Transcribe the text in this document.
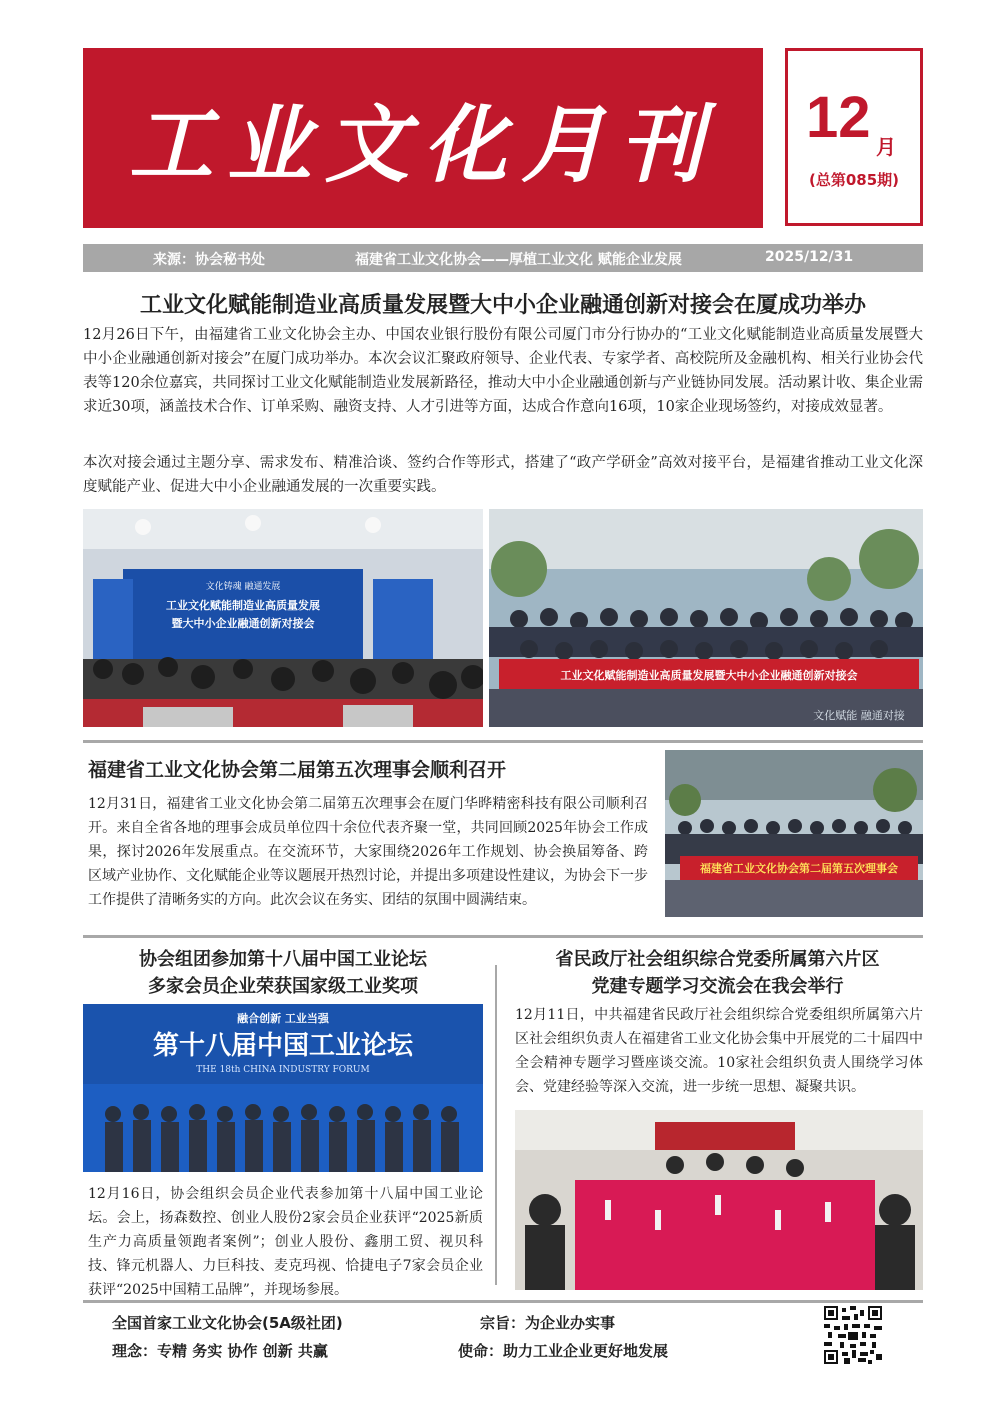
工业文化月刊	12 月
(总第085期)
来源：协会秘书处	福建省工业文化协会——厚植工业文化 赋能企业发展	2025/12/31
工业文化赋能制造业高质量发展暨大中小企业融通创新对接会在厦成功举办
12月26日下午，由福建省工业文化协会主办、中国农业银行股份有限公司厦门市分行协办的“工业文化赋能制造业高质量发展暨大中小企业融通创新对接会”在厦门成功举办。本次会议汇聚政府领导、企业代表、专家学者、高校院所及金融机构、相关行业协会代表等120余位嘉宾，共同探讨工业文化赋能制造业发展新路径，推动大中小企业融通创新与产业链协同发展。活动累计收、集企业需求近30项，涵盖技术合作、订单采购、融资支持、人才引进等方面，达成合作意向16项，10家企业现场签约，对接成效显著。
本次对接会通过主题分享、需求发布、精准洽谈、签约合作等形式，搭建了“政产学研金”高效对接平台，是福建省推动工业文化深度赋能产业、促进大中小企业融通发展的一次重要实践。
文化铸魂 融通发展
工业文化赋能制造业高质量发展
暨大中小企业融通创新对接会
工业文化赋能制造业高质量发展暨大中小企业融通创新对接会
文化赋能 融通对接
福建省工业文化协会第二届第五次理事会顺利召开
12月31日，福建省工业文化协会第二届第五次理事会在厦门华晔精密科技有限公司顺利召开。来自全省各地的理事会成员单位四十余位代表齐聚一堂，共同回顾2025年协会工作成果，探讨2026年发展重点。在交流环节，大家围绕2026年工作规划、协会换届筹备、跨区域产业协作、文化赋能企业等议题展开热烈讨论，并提出多项建设性建议，为协会下一步工作提供了清晰务实的方向。此次会议在务实、团结的氛围中圆满结束。
福建省工业文化协会第二届第五次理事会
协会组团参加第十八届中国工业论坛
多家会员企业荣获国家级工业奖项
融合创新 工业当强
第十八届中国工业论坛
THE 18th CHINA INDUSTRY FORUM
12月16日，协会组织会员企业代表参加第十八届中国工业论坛。会上，扬森数控、创业人股份2家会员企业获评“2025新质生产力高质量领跑者案例”；创业人股份、鑫朋工贸、视贝科技、锋元机器人、力巨科技、麦克玛视、恰捷电子7家会员企业获评“2025中国精工品牌”，并现场参展。
省民政厅社会组织综合党委所属第六片区
党建专题学习交流会在我会举行
12月11日，中共福建省民政厅社会组织综合党委组织所属第六片区社会组织负责人在福建省工业文化协会集中开展党的二十届四中全会精神专题学习暨座谈交流。10家社会组织负责人围绕学习体会、党建经验等深入交流，进一步统一思想、凝聚共识。
全国首家工业文化协会(5A级社团)
理念：专精 务实 协作 创新 共赢
宗旨：为企业办实事
使命：助力工业企业更好地发展
